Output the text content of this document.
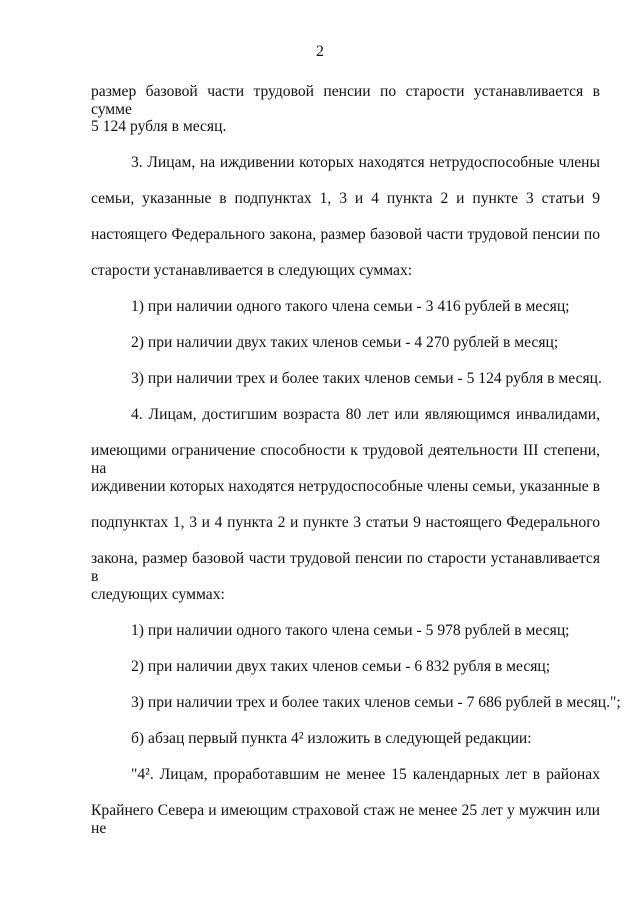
2
размер базовой части трудовой пенсии по старости устанавливается в сумме
5 124 рубля в месяц.
3. Лицам, на иждивении которых находятся нетрудоспособные члены
семьи, указанные в подпунктах 1, 3 и 4 пункта 2 и пункте 3 статьи 9
настоящего Федерального закона, размер базовой части трудовой пенсии по
старости устанавливается в следующих суммах:
1) при наличии одного такого члена семьи - 3 416 рублей в месяц;
2) при наличии двух таких членов семьи - 4 270 рублей в месяц;
3) при наличии трех и более таких членов семьи - 5 124 рубля в месяц.
4. Лицам, достигшим возраста 80 лет или являющимся инвалидами,
имеющими ограничение способности к трудовой деятельности III степени, на
иждивении которых находятся нетрудоспособные члены семьи, указанные в
подпунктах 1, 3 и 4 пункта 2 и пункте 3 статьи 9 настоящего Федерального
закона, размер базовой части трудовой пенсии по старости устанавливается в
следующих суммах:
1) при наличии одного такого члена семьи - 5 978 рублей в месяц;
2) при наличии двух таких членов семьи - 6 832 рубля в месяц;
3) при наличии трех и более таких членов семьи - 7 686 рублей в месяц.";
б) абзац первый пункта 4² изложить в следующей редакции:
"4². Лицам, проработавшим не менее 15 календарных лет в районах
Крайнего Севера и имеющим страховой стаж не менее 25 лет у мужчин или не
